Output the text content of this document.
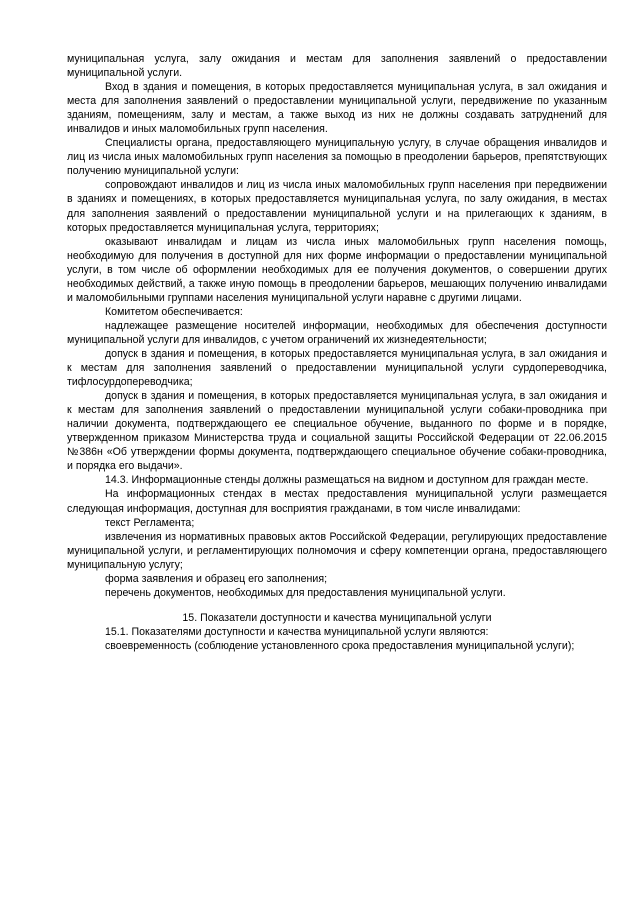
муниципальная услуга, залу ожидания и местам для заполнения заявлений о предоставлении муниципальной услуги.

Вход в здания и помещения, в которых предоставляется муниципальная услуга, в зал ожидания и места для заполнения заявлений о предоставлении муниципальной услуги, передвижение по указанным зданиям, помещениям, залу и местам, а также выход из них не должны создавать затруднений для инвалидов и иных маломобильных групп населения.

Специалисты органа, предоставляющего муниципальную услугу, в случае обращения инвалидов и лиц из числа иных маломобильных групп населения за помощью в преодолении барьеров, препятствующих получению муниципальной услуги:

сопровождают инвалидов и лиц из числа иных маломобильных групп населения при передвижении в зданиях и помещениях, в которых предоставляется муниципальная услуга, по залу ожидания, в местах для заполнения заявлений о предоставлении муниципальной услуги и на прилегающих к зданиям, в которых предоставляется муниципальная услуга, территориях;

оказывают инвалидам и лицам из числа иных маломобильных групп населения помощь, необходимую для получения в доступной для них форме информации о предоставлении муниципальной услуги, в том числе об оформлении необходимых для ее получения документов, о совершении других необходимых действий, а также иную помощь в преодолении барьеров, мешающих получению инвалидами и маломобильными группами населения муниципальной услуги наравне с другими лицами.

Комитетом обеспечивается:

надлежащее размещение носителей информации, необходимых для обеспечения доступности муниципальной услуги для инвалидов, с учетом ограничений их жизнедеятельности;

допуск в здания и помещения, в которых предоставляется муниципальная услуга, в зал ожидания и к местам для заполнения заявлений о предоставлении муниципальной услуги сурдопереводчика, тифлосурдопереводчика;

допуск в здания и помещения, в которых предоставляется муниципальная услуга, в зал ожидания и к местам для заполнения заявлений о предоставлении муниципальной услуги собаки-проводника при наличии документа, подтверждающего ее специальное обучение, выданного по форме и в порядке, утвержденном приказом Министерства труда и социальной защиты Российской Федерации от 22.06.2015 №386н «Об утверждении формы документа, подтверждающего специальное обучение собаки-проводника, и порядка его выдачи».

14.3. Информационные стенды должны размещаться на видном и доступном для граждан месте.

На информационных стендах в местах предоставления муниципальной услуги размещается следующая информация, доступная для восприятия гражданами, в том числе инвалидами:

текст Регламента;

извлечения из нормативных правовых актов Российской Федерации, регулирующих предоставление муниципальной услуги, и регламентирующих полномочия и сферу компетенции органа, предоставляющего муниципальную услугу;

форма заявления и образец его заполнения;

перечень документов, необходимых для предоставления муниципальной услуги.

15. Показатели доступности и качества муниципальной услуги

15.1. Показателями доступности и качества муниципальной услуги являются:

своевременность (соблюдение установленного срока предоставления муниципальной услуги);
